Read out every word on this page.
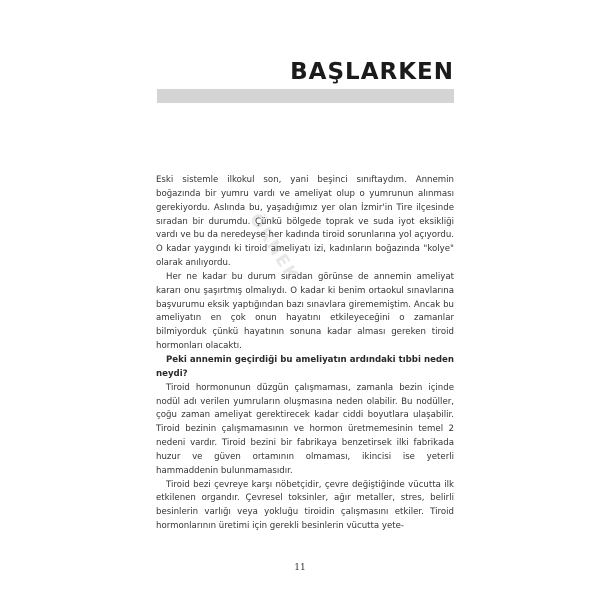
BAŞLARKEN
ÖRNEK

Eski sistemle ilkokul son, yani beşinci sınıftaydım. Annemin boğazında bir yumru vardı ve ameliyat olup o yumrunun alınması gerekiyordu. Aslında bu, yaşadığımız yer olan İzmir'in Tire ilçesinde sıradan bir durumdu. Çünkü bölgede toprak ve suda iyot eksikliği vardı ve bu da neredeyse her kadında tiroid sorunlarına yol açıyordu. O kadar yaygındı ki tiroid ameliyatı izi, kadınların boğazında "kolye" olarak anılıyordu.

Her ne kadar bu durum sıradan görünse de annemin ameliyat kararı onu şaşırtmış olmalıydı. O kadar ki benim ortaokul sınavlarına başvurumu eksik yaptığından bazı sınavlara girememiştim. Ancak bu ameliyatın en çok onun hayatını etkileyeceğini o zamanlar bilmiyorduk çünkü hayatının sonuna kadar alması gereken tiroid hormonları olacaktı.

Peki annemin geçirdiği bu ameliyatın ardındaki tıbbi neden neydi?

Tiroid hormonunun düzgün çalışmaması, zamanla bezin içinde nodül adı verilen yumruların oluşmasına neden olabilir. Bu nodüller, çoğu zaman ameliyat gerektirecek kadar ciddi boyutlara ulaşabilir. Tiroid bezinin çalışmamasının ve hormon üretmemesinin temel 2 nedeni vardır. Tiroid bezini bir fabrikaya benzetirsek ilki fabrikada huzur ve güven ortamının olmaması, ikincisi ise yeterli hammaddenin bulunmamasıdır.

Tiroid bezi çevreye karşı nöbetçidir, çevre değiştiğinde vücutta ilk etkilenen organdır. Çevresel toksinler, ağır metaller, stres, belirli besinlerin varlığı veya yokluğu tiroidin çalışmasını etkiler. Tiroid hormonlarının üretimi için gerekli besinlerin vücutta yete-

11
